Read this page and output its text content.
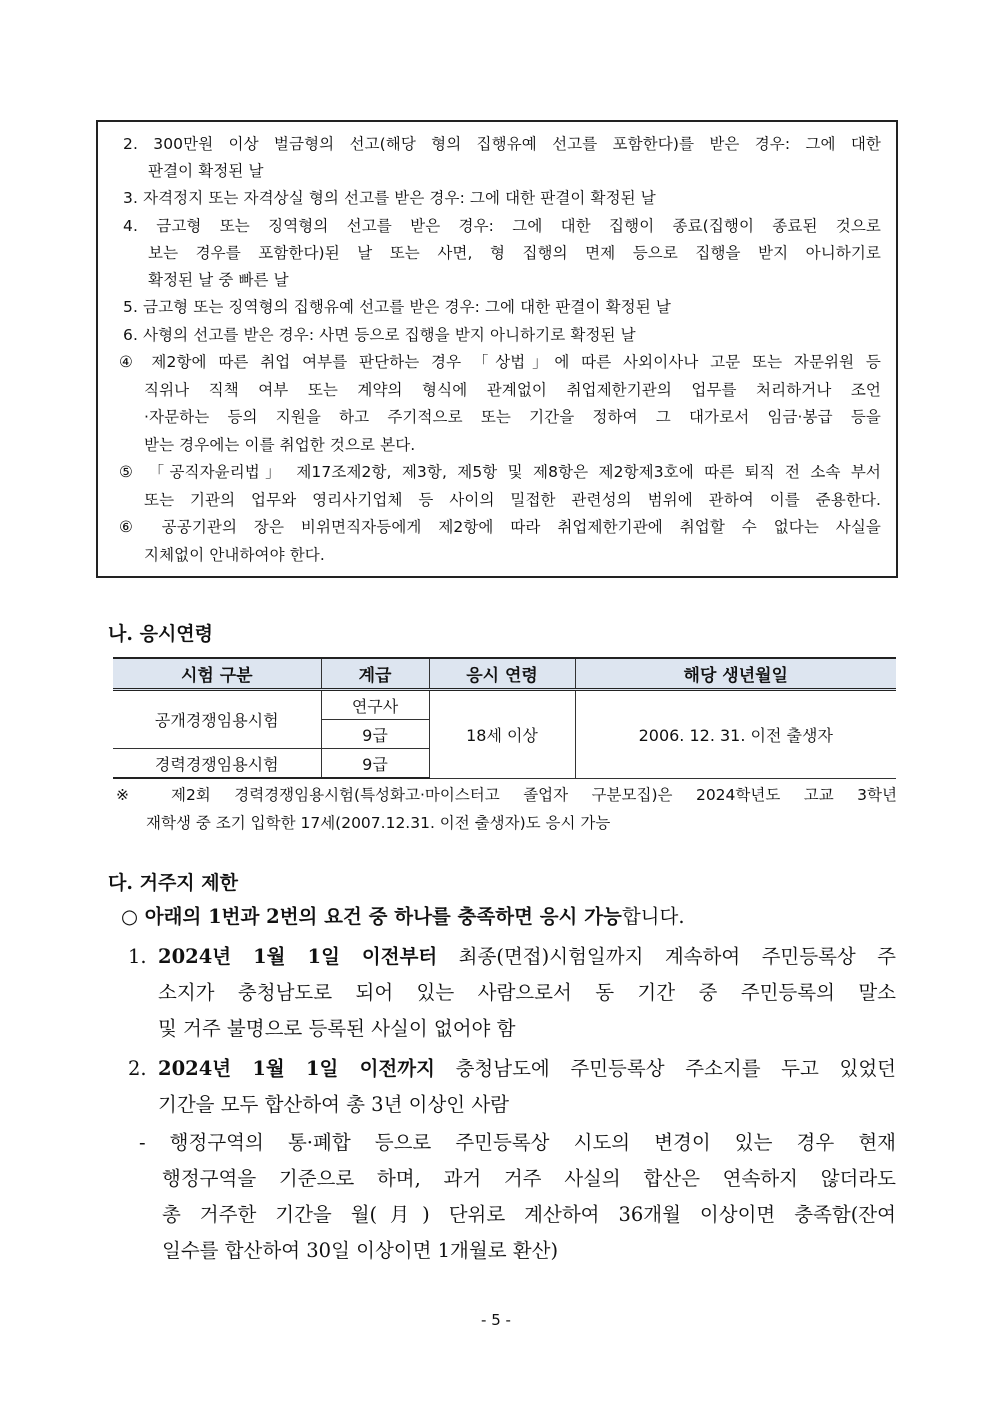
2. 300만원 이상 벌금형의 선고(해당 형의 집행유예 선고를 포함한다)를 받은 경우: 그에 대한
판결이 확정된 날
3. 자격정지 또는 자격상실 형의 선고를 받은 경우: 그에 대한 판결이 확정된 날
4. 금고형 또는 징역형의 선고를 받은 경우: 그에 대한 집행이 종료(집행이 종료된 것으로
보는 경우를 포함한다)된 날 또는 사면, 형 집행의 면제 등으로 집행을 받지 아니하기로
확정된 날 중 빠른 날
5. 금고형 또는 징역형의 집행유예 선고를 받은 경우: 그에 대한 판결이 확정된 날
6. 사형의 선고를 받은 경우: 사면 등으로 집행을 받지 아니하기로 확정된 날
④ 제2항에 따른 취업 여부를 판단하는 경우 「상법」에 따른 사외이사나 고문 또는 자문위원 등
직위나 직책 여부 또는 계약의 형식에 관계없이 취업제한기관의 업무를 처리하거나 조언
·자문하는 등의 지원을 하고 주기적으로 또는 기간을 정하여 그 대가로서 임금·봉급 등을
받는 경우에는 이를 취업한 것으로 본다.
⑤ 「공직자윤리법」 제17조제2항, 제3항, 제5항 및 제8항은 제2항제3호에 따른 퇴직 전 소속 부서
또는 기관의 업무와 영리사기업체 등 사이의 밀접한 관련성의 범위에 관하여 이를 준용한다.
⑥ 공공기관의 장은 비위면직자등에게 제2항에 따라 취업제한기관에 취업할 수 없다는 사실을
지체없이 안내하여야 한다.
나. 응시연령
시험 구분	계급	응시 연령	해당 생년월일
공개경쟁임용시험	연구사	18세 이상	2006. 12. 31. 이전 출생자
	9급		
경력경쟁임용시험	9급		
※ 제2회 경력경쟁임용시험(특성화고·마이스터고 졸업자 구분모집)은 2024학년도 고교 3학년
재학생 중 조기 입학한 17세(2007.12.31. 이전 출생자)도 응시 가능
다. 거주지 제한
○ 아래의 1번과 2번의 요건 중 하나를 충족하면 응시 가능합니다.
1. 2024년 1월 1일 이전부터 최종(면접)시험일까지 계속하여 주민등록상 주
소지가 충청남도로 되어 있는 사람으로서 동 기간 중 주민등록의 말소
및 거주 불명으로 등록된 사실이 없어야 함
2. 2024년 1월 1일 이전까지 충청남도에 주민등록상 주소지를 두고 있었던
기간을 모두 합산하여 총 3년 이상인 사람
- 행정구역의 통·폐합 등으로 주민등록상 시도의 변경이 있는 경우 현재
행정구역을 기준으로 하며, 과거 거주 사실의 합산은 연속하지 않더라도
총 거주한 기간을 월(月) 단위로 계산하여 36개월 이상이면 충족함(잔여
일수를 합산하여 30일 이상이면 1개월로 환산)
- 5 -
